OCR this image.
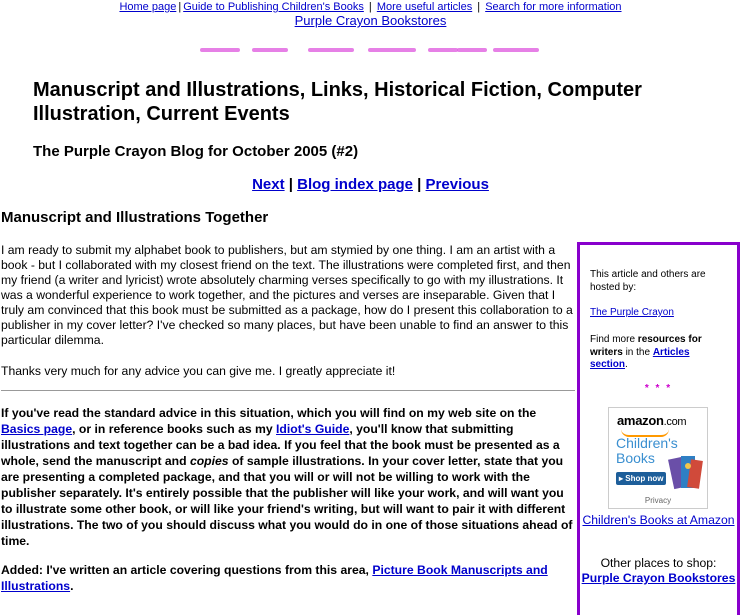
Home page | Guide to Publishing Children's Books | More useful articles | Search for more information
Purple Crayon Bookstores
Manuscript and Illustrations, Links, Historical Fiction, Computer Illustration, Current Events
The Purple Crayon Blog for October 2005 (#2)
Next | Blog index page | Previous
Manuscript and Illustrations Together

I am ready to submit my alphabet book to publishers, but am stymied by one thing. I am an artist with a book - but I collaborated with my closest friend on the text. The illustrations were completed first, and then my friend (a writer and lyricist) wrote absolutely charming verses specifically to go with my illustrations. It was a wonderful experience to work together, and the pictures and verses are inseparable. Given that I truly am convinced that this book must be submitted as a package, how do I present this collaboration to a publisher in my cover letter? I've checked so many places, but have been unable to find an answer to this particular dilemma.

Thanks very much for any advice you can give me. I greatly appreciate it!

If you've read the standard advice in this situation, which you will find on my web site on the Basics page, or in reference books such as my Idiot's Guide, you'll know that submitting illustrations and text together can be a bad idea. If you feel that the book must be presented as a whole, send the manuscript and copies of sample illustrations. In your cover letter, state that you are presenting a completed package, and that you will or will not be willing to work with the publisher separately. It's entirely possible that the publisher will like your work, and will want you to illustrate some other book, or will like your friend's writing, but will want to pair it with different illustrations. The two of you should discuss what you would do in one of those situations ahead of time.

Added: I've written an article covering questions from this area, Picture Book Manuscripts and Illustrations.

This article and others are hosted by:

The Purple Crayon

Find more resources for writers in the Articles section.

* * *
amazon.com
Children's
Books
▸ Shop now
Privacy

Children's Books at Amazon

Other places to shop:

Purple Crayon Bookstores
